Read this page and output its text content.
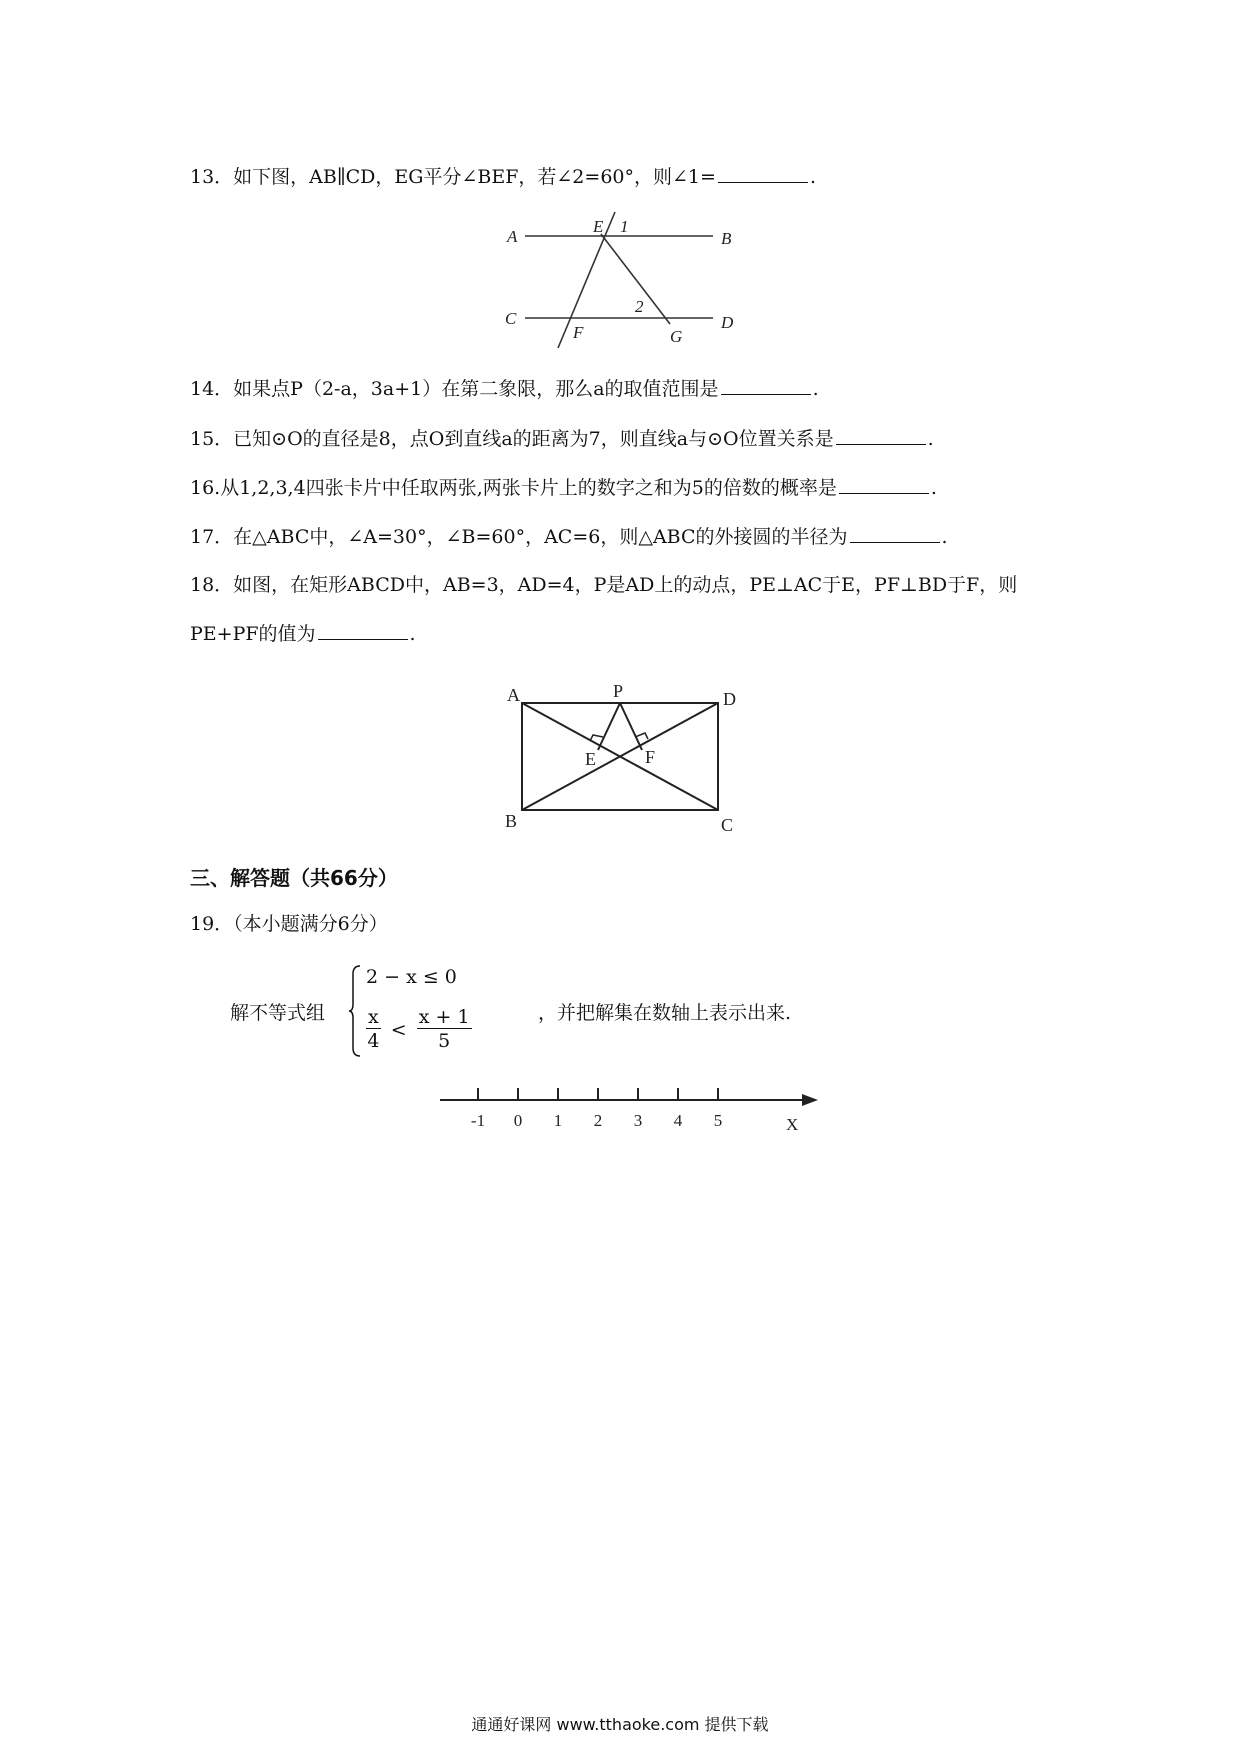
13．如下图，AB∥CD，EG平分∠BEF，若∠2=60°，则∠1=	.
A	B
C	D
E
F	G
1
2
14．如果点P（2-a，3a+1）在第二象限，那么a的取值范围是	.
15．已知⊙O的直径是8，点O到直线a的距离为7，则直线a与⊙O位置关系是	.
16.从1,2,3,4四张卡片中任取两张,两张卡片上的数字之和为5的倍数的概率是	.
17．在△ABC中，∠A=30°，∠B=60°，AC=6，则△ABC的外接圆的半径为	.
18．如图，在矩形ABCD中，AB=3，AD=4，P是AD上的动点，PE⊥AC于E，PF⊥BD于F，则
PE+PF的值为	.
A	D
B	C
P
E	F
三、解答题（共66分）
19．（本小题满分6分）
解不等式组
2 − x ≤ 0
$\frac{x}{4} < \frac{x + 1}{5}$	，并把解集在数轴上表示出来.
-1 0 1 2 3 4 5	X
通通好课网 www.tthaoke.com 提供下载
